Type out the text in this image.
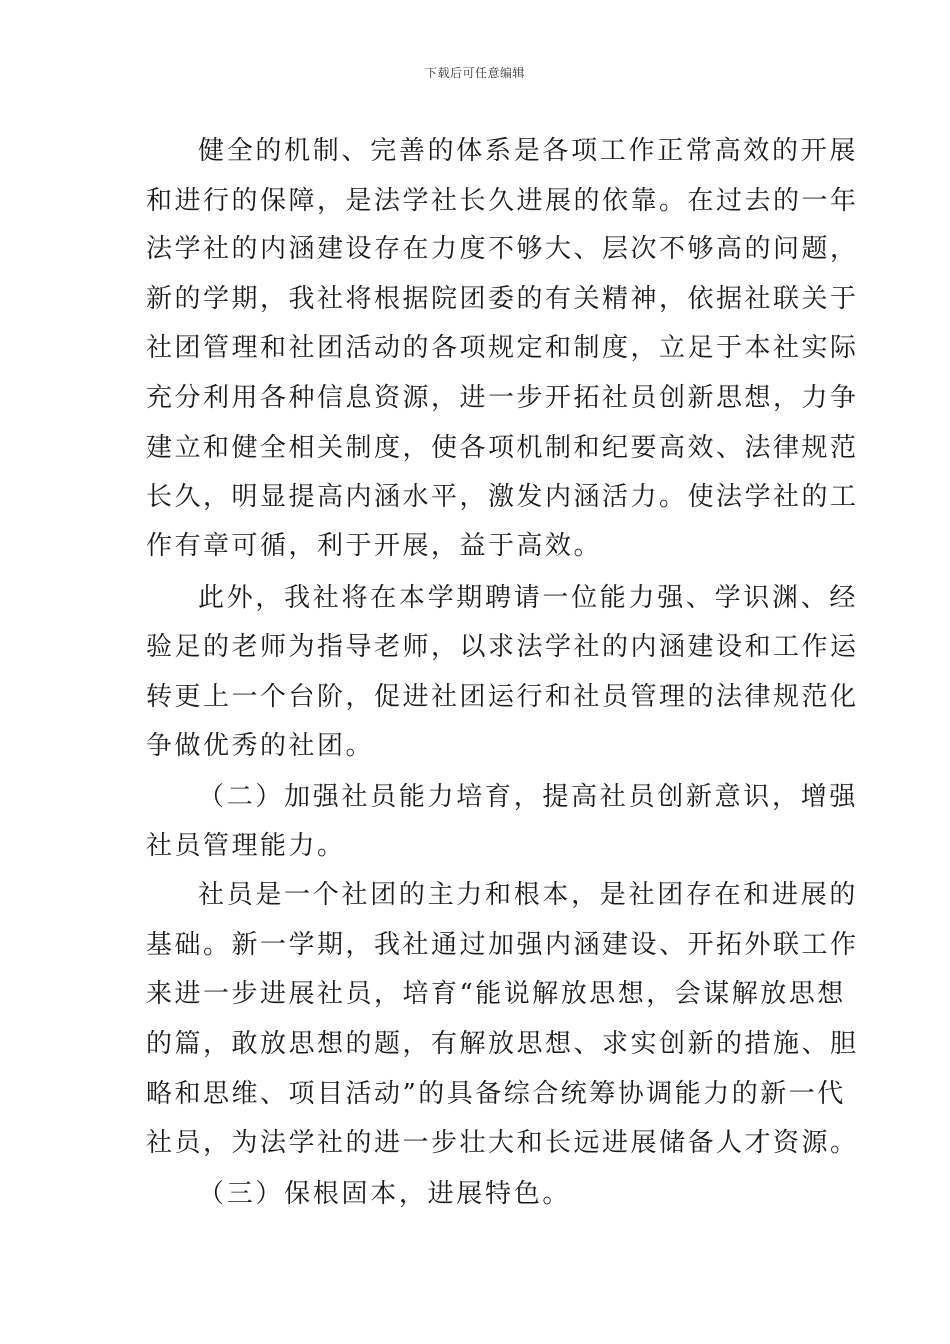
下载后可任意编辑
健全的机制、完善的体系是各项工作正常高效的开展
和进行的保障，是法学社长久进展的依靠。在过去的一年
法学社的内涵建设存在力度不够大、层次不够高的问题，
新的学期，我社将根据院团委的有关精神，依据社联关于
社团管理和社团活动的各项规定和制度，立足于本社实际
充分利用各种信息资源，进一步开拓社员创新思想，力争
建立和健全相关制度，使各项机制和纪要高效、法律规范
长久，明显提高内涵水平，激发内涵活力。使法学社的工
作有章可循，利于开展，益于高效。
此外，我社将在本学期聘请一位能力强、学识渊、经
验足的老师为指导老师，以求法学社的内涵建设和工作运
转更上一个台阶，促进社团运行和社员管理的法律规范化
争做优秀的社团。
（二）加强社员能力培育，提高社员创新意识，增强
社员管理能力。
社员是一个社团的主力和根本，是社团存在和进展的
基础。新一学期，我社通过加强内涵建设、开拓外联工作
来进一步进展社员，培育“能说解放思想，会谋解放思想
的篇，敢放思想的题，有解放思想、求实创新的措施、胆
略和思维、项目活动”的具备综合统筹协调能力的新一代
社员，为法学社的进一步壮大和长远进展储备人才资源。
（三）保根固本，进展特色。
